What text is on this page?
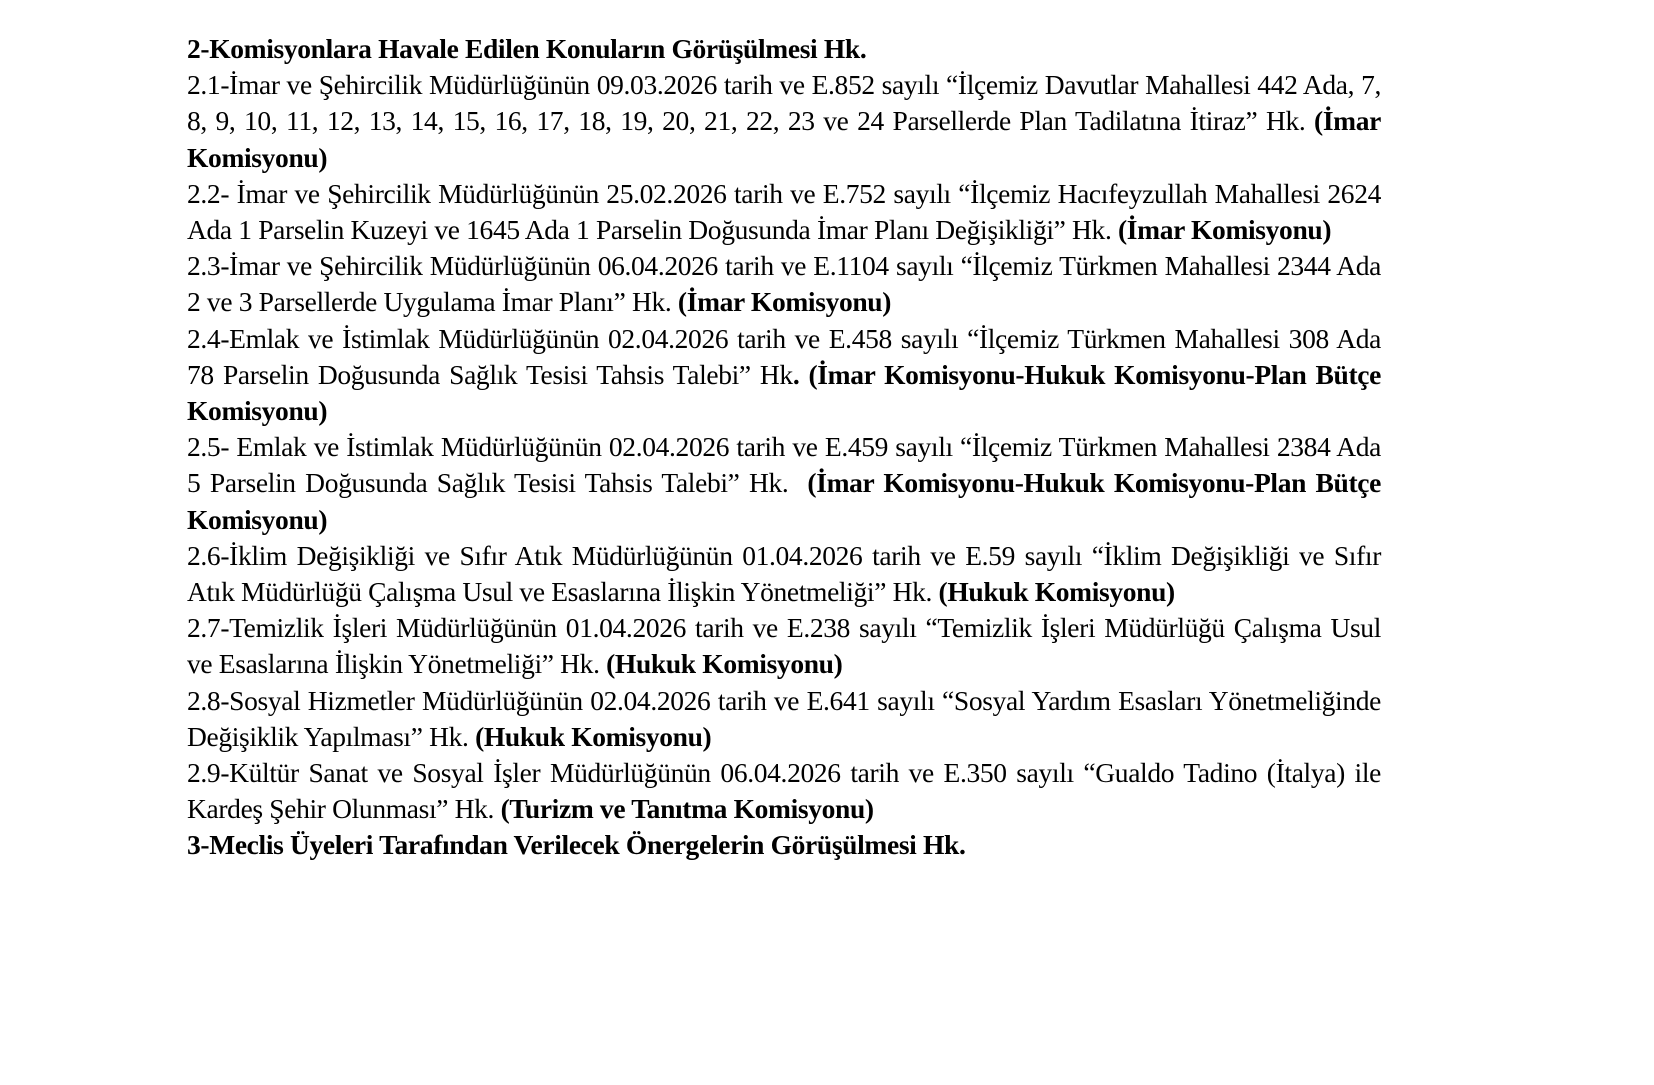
2-Komisyonlara Havale Edilen Konuların Görüşülmesi Hk.

2.1-İmar ve Şehircilik Müdürlüğünün 09.03.2026 tarih ve E.852 sayılı “İlçemiz Davutlar Mahallesi 442 Ada, 7, 8, 9, 10, 11, 12, 13, 14, 15, 16, 17, 18, 19, 20, 21, 22, 23 ve 24 Parsellerde Plan Tadilatına İtiraz” Hk. (İmar Komisyonu)

2.2- İmar ve Şehircilik Müdürlüğünün 25.02.2026 tarih ve E.752 sayılı “İlçemiz Hacıfeyzullah Mahallesi 2624 Ada 1 Parselin Kuzeyi ve 1645 Ada 1 Parselin Doğusunda İmar Planı Değişikliği” Hk. (İmar Komisyonu)

2.3-İmar ve Şehircilik Müdürlüğünün 06.04.2026 tarih ve E.1104 sayılı “İlçemiz Türkmen Mahallesi 2344 Ada 2 ve 3 Parsellerde Uygulama İmar Planı” Hk. (İmar Komisyonu)

2.4-Emlak ve İstimlak Müdürlüğünün 02.04.2026 tarih ve E.458 sayılı “İlçemiz Türkmen Mahallesi 308 Ada 78 Parselin Doğusunda Sağlık Tesisi Tahsis Talebi” Hk. (İmar Komisyonu-Hukuk Komisyonu-Plan Bütçe Komisyonu)

2.5- Emlak ve İstimlak Müdürlüğünün 02.04.2026 tarih ve E.459 sayılı “İlçemiz Türkmen Mahallesi 2384 Ada 5 Parselin Doğusunda Sağlık Tesisi Tahsis Talebi” Hk.  (İmar Komisyonu-Hukuk Komisyonu-Plan Bütçe Komisyonu)

2.6-İklim Değişikliği ve Sıfır Atık Müdürlüğünün 01.04.2026 tarih ve E.59 sayılı “İklim Değişikliği ve Sıfır Atık Müdürlüğü Çalışma Usul ve Esaslarına İlişkin Yönetmeliği” Hk. (Hukuk Komisyonu)

2.7-Temizlik İşleri Müdürlüğünün 01.04.2026 tarih ve E.238 sayılı “Temizlik İşleri Müdürlüğü Çalışma Usul ve Esaslarına İlişkin Yönetmeliği” Hk. (Hukuk Komisyonu)

2.8-Sosyal Hizmetler Müdürlüğünün 02.04.2026 tarih ve E.641 sayılı “Sosyal Yardım Esasları Yönetmeliğinde Değişiklik Yapılması” Hk. (Hukuk Komisyonu)

2.9-Kültür Sanat ve Sosyal İşler Müdürlüğünün 06.04.2026 tarih ve E.350 sayılı “Gualdo Tadino (İtalya) ile Kardeş Şehir Olunması” Hk. (Turizm ve Tanıtma Komisyonu)

3-Meclis Üyeleri Tarafından Verilecek Önergelerin Görüşülmesi Hk.
